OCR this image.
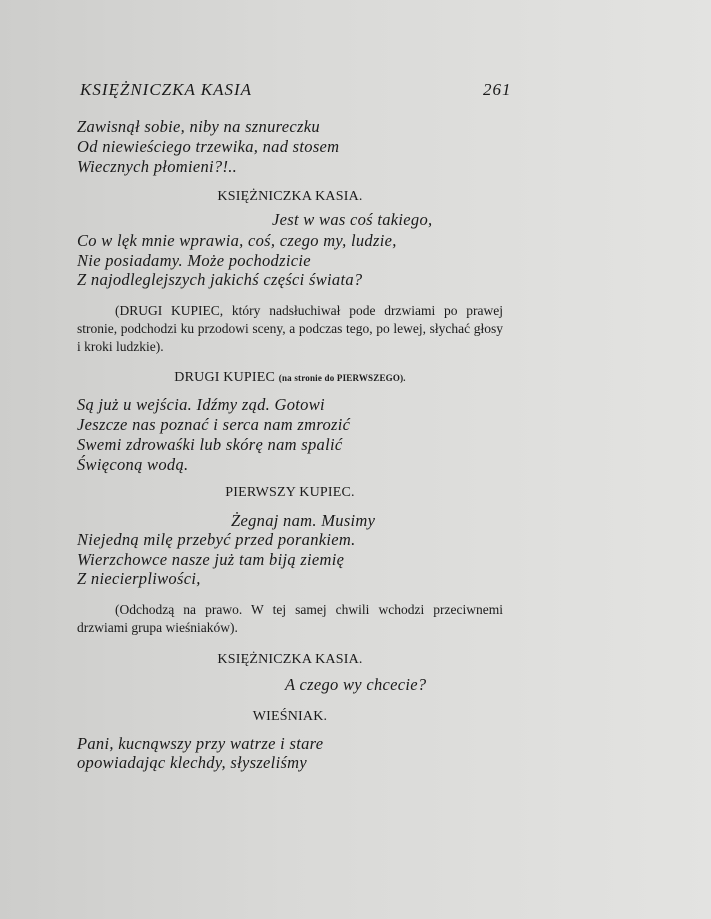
KSIĘŻNICZKA KASIA	261
Zawisnął sobie, niby na sznureczku
Od niewieściego trzewika, nad stosem
Wiecznych płomieni?!..
KSIĘŻNICZKA KASIA.
Jest w was coś takiego,
Co w lęk mnie wprawia, coś, czego my, ludzie,
Nie posiadamy. Może pochodzicie
Z najodleglejszych jakichś części świata?
(DRUGI KUPIEC, który nadsłuchiwał pode drzwiami po prawej stronie, podchodzi ku przodowi sceny, a podczas tego, po lewej, słychać głosy i kroki ludzkie).
DRUGI KUPIEC (na stronie do PIERWSZEGO).
Są już u wejścia. Idźmy ząd. Gotowi
Jeszcze nas poznać i serca nam zmrozić
Swemi zdrowaśki lub skórę nam spalić
Święconą wodą.
PIERWSZY KUPIEC.
Żegnaj nam. Musimy
Niejedną milę przebyć przed porankiem.
Wierzchowce nasze już tam biją ziemię
Z niecierpliwości,
(Odchodzą na prawo. W tej samej chwili wchodzi przeciwnemi drzwiami grupa wieśniaków).
KSIĘŻNICZKA KASIA.
A czego wy chcecie?
WIEŚNIAK.
Pani, kucnąwszy przy watrze i stare
opowiadając klechdy, słyszeliśmy
